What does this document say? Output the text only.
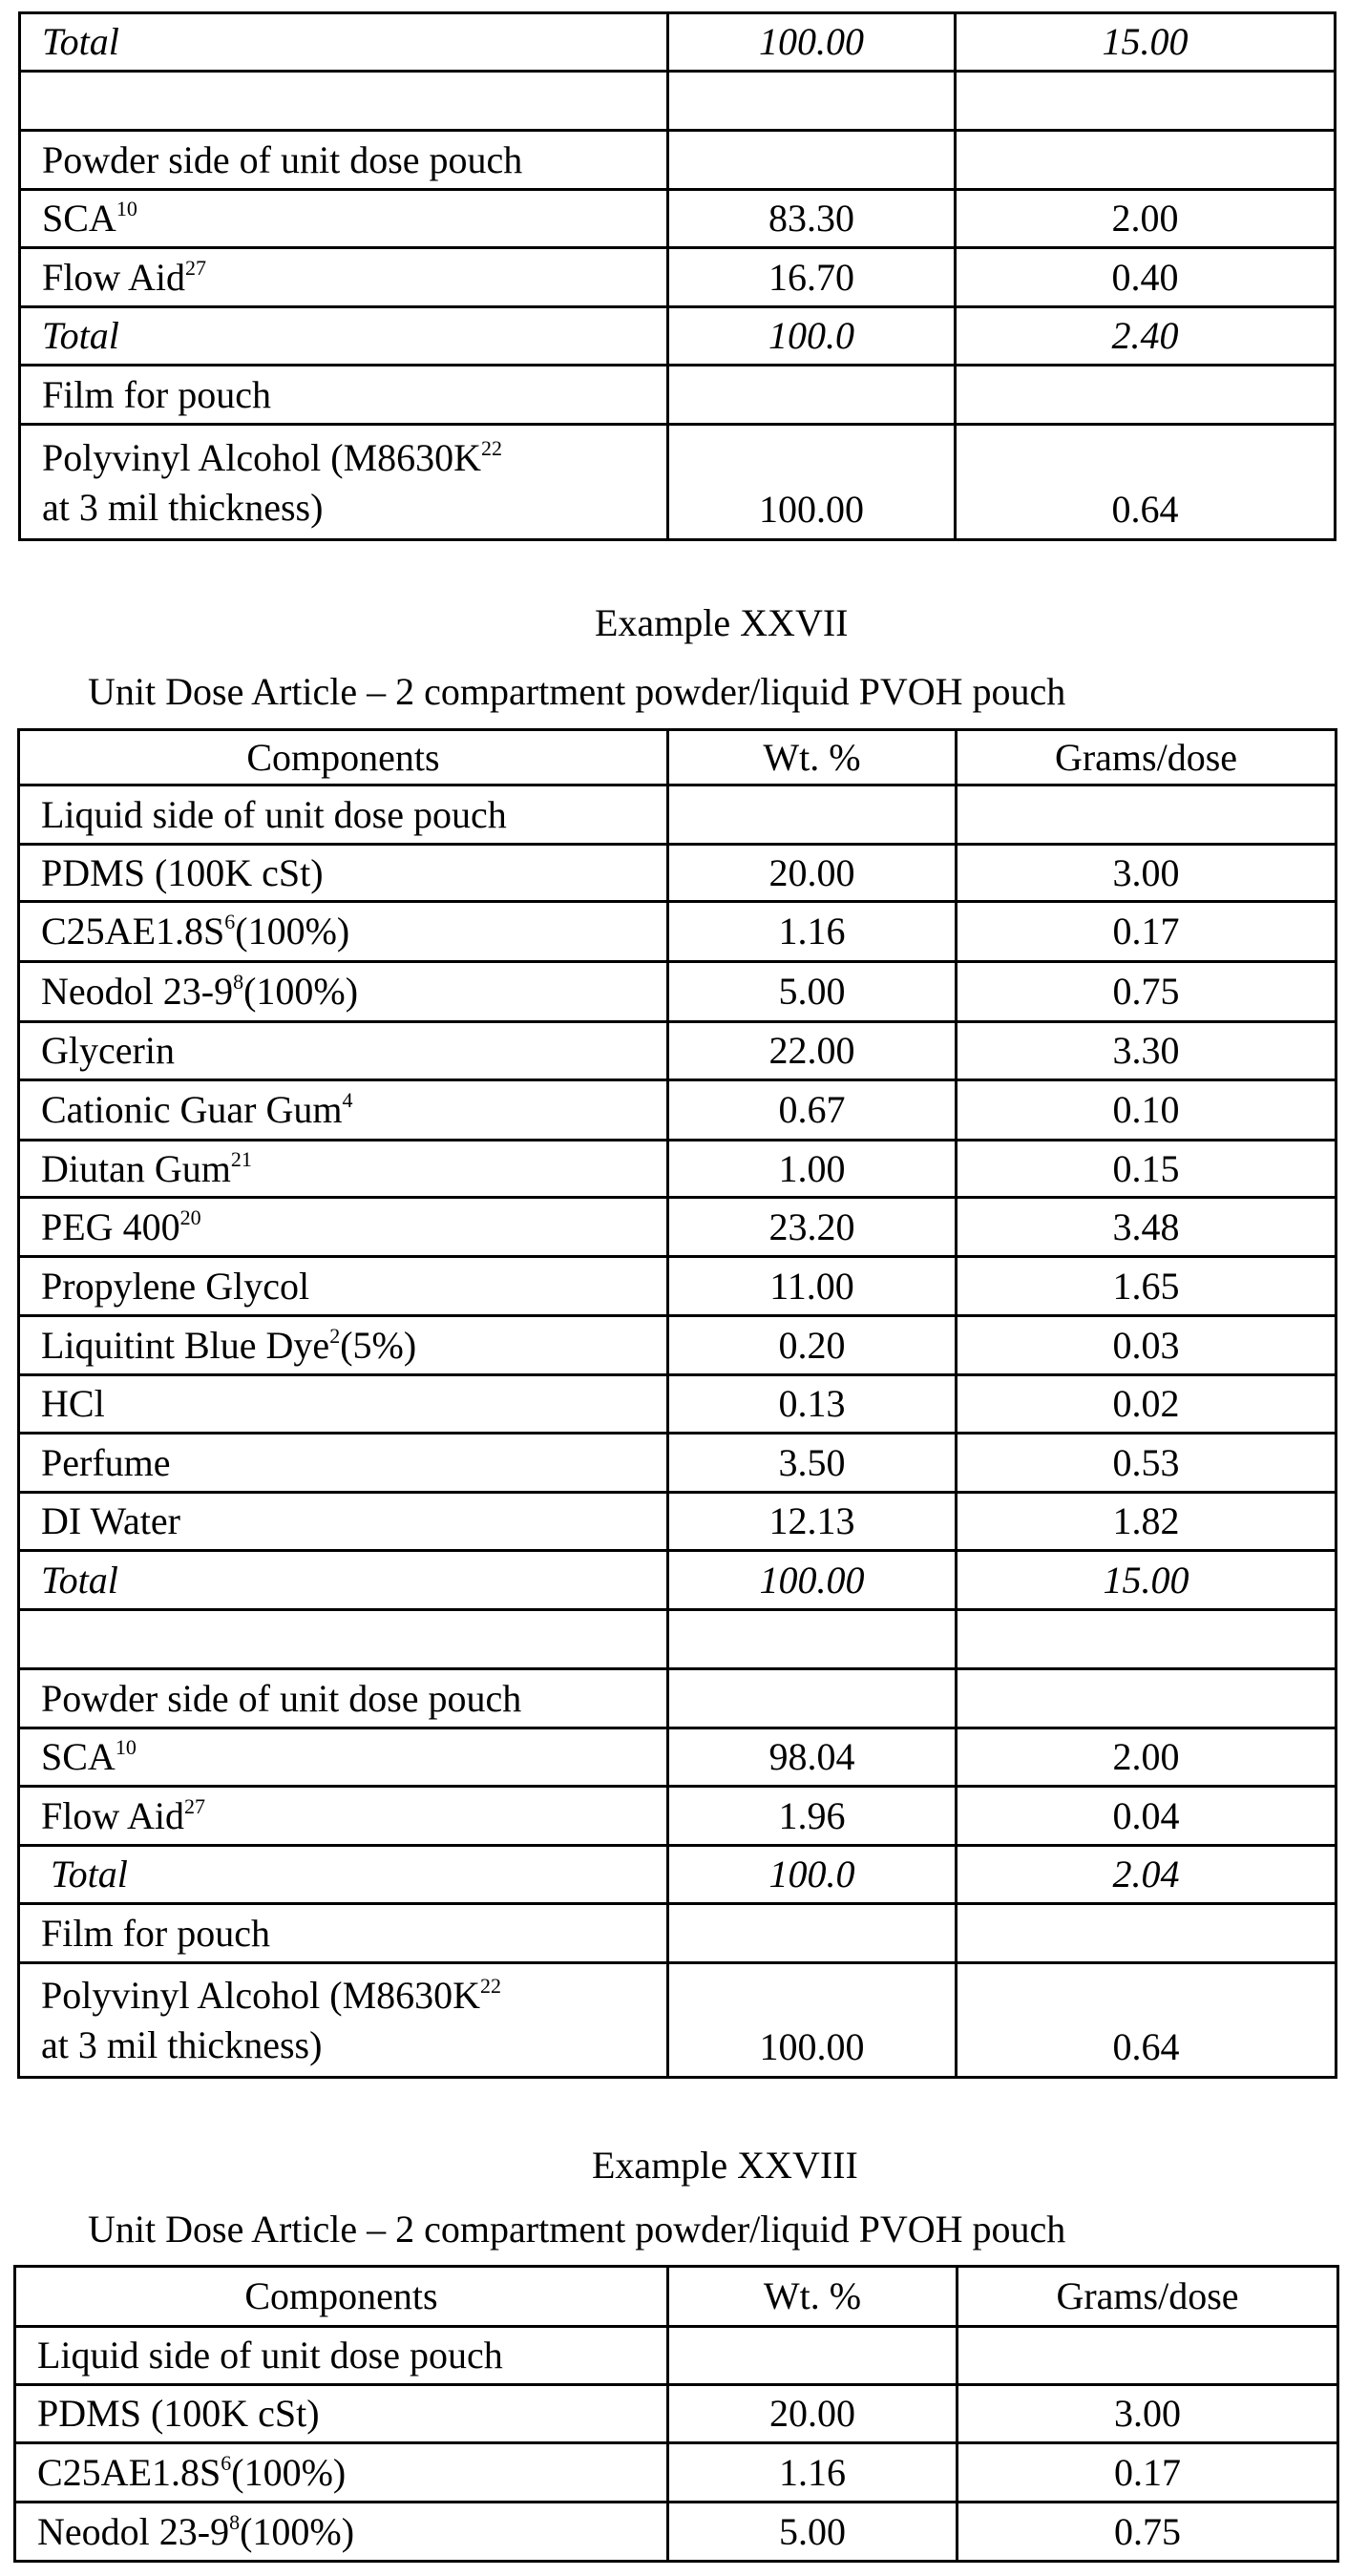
Total	100.00	15.00

Powder side of unit dose pouch		
SCA$^{10}$	83.30	2.00
Flow Aid$^{27}$	16.70	0.40
Total	100.0	2.40
Film for pouch		
Polyvinyl Alcohol ($M8630K^{22}$
at 3 mil thickness)	100.00	0.64
Example XXVII
Unit Dose Article – 2 compartment powder/liquid PVOH pouch
Components	Wt. %	Grams/dose
Liquid side of unit dose pouch		
PDMS (100K cSt)	20.00	3.00
$C25AE1.8S^6(100\%)$	1.16	0.17
Neodol $23-9^8(100\%)$	5.00	0.75
Glycerin	22.00	3.30
Cationic Guar Gum$^4$	0.67	0.10
Diutan Gum$^{21}$	1.00	0.15
PEG $400^{20}$	23.20	3.48
Propylene Glycol	11.00	1.65
Liquitint Blue Dye$^2$(5%)	0.20	0.03
HCl	0.13	0.02
Perfume	3.50	0.53
DI Water	12.13	1.82
Total	100.00	15.00

Powder side of unit dose pouch		
SCA$^{10}$	98.04	2.00
Flow Aid$^{27}$	1.96	0.04
Total	100.0	2.04
Film for pouch		
Polyvinyl Alcohol ($M8630K^{22}$
at 3 mil thickness)	100.00	0.64
Example XXVIII
Unit Dose Article – 2 compartment powder/liquid PVOH pouch
Components	Wt. %	Grams/dose
Liquid side of unit dose pouch		
PDMS (100K cSt)	20.00	3.00
$C25AE1.8S^6(100\%)$	1.16	0.17
Neodol $23-9^8(100\%)$	5.00	0.75
